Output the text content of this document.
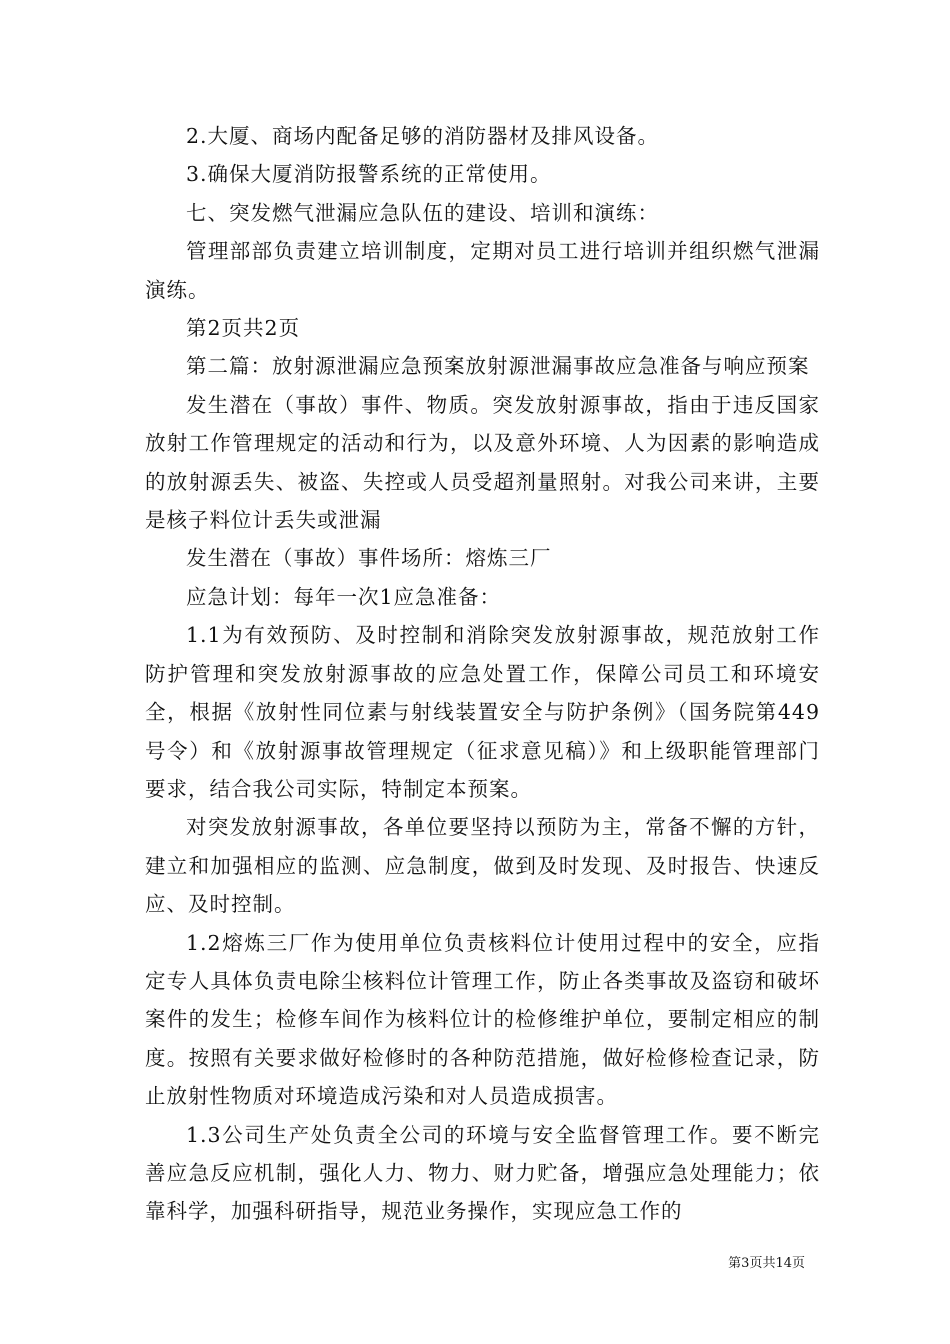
2.大厦、商场内配备足够的消防器材及排风设备。

3.确保大厦消防报警系统的正常使用。

七、突发燃气泄漏应急队伍的建设、培训和演练：

管理部部负责建立培训制度，定期对员工进行培训并组织燃气泄漏演练。

第2页共2页

第二篇：放射源泄漏应急预案放射源泄漏事故应急准备与响应预案

发生潜在（事故）事件、物质。突发放射源事故，指由于违反国家放射工作管理规定的活动和行为，以及意外环境、人为因素的影响造成的放射源丢失、被盗、失控或人员受超剂量照射。对我公司来讲，主要是核子料位计丢失或泄漏

发生潜在（事故）事件场所：熔炼三厂

应急计划：每年一次1应急准备：

1.1为有效预防、及时控制和消除突发放射源事故，规范放射工作防护管理和突发放射源事故的应急处置工作，保障公司员工和环境安全，根据《放射性同位素与射线装置安全与防护条例》（国务院第449号令）和《放射源事故管理规定（征求意见稿）》和上级职能管理部门要求，结合我公司实际，特制定本预案。

对突发放射源事故，各单位要坚持以预防为主，常备不懈的方针，建立和加强相应的监测、应急制度，做到及时发现、及时报告、快速反应、及时控制。

1.2熔炼三厂作为使用单位负责核料位计使用过程中的安全，应指定专人具体负责电除尘核料位计管理工作，防止各类事故及盗窃和破坏案件的发生；检修车间作为核料位计的检修维护单位，要制定相应的制度。按照有关要求做好检修时的各种防范措施，做好检修检查记录，防止放射性物质对环境造成污染和对人员造成损害。

1.3公司生产处负责全公司的环境与安全监督管理工作。要不断完善应急反应机制，强化人力、物力、财力贮备，增强应急处理能力；依靠科学，加强科研指导，规范业务操作，实现应急工作的

第3页共14页
